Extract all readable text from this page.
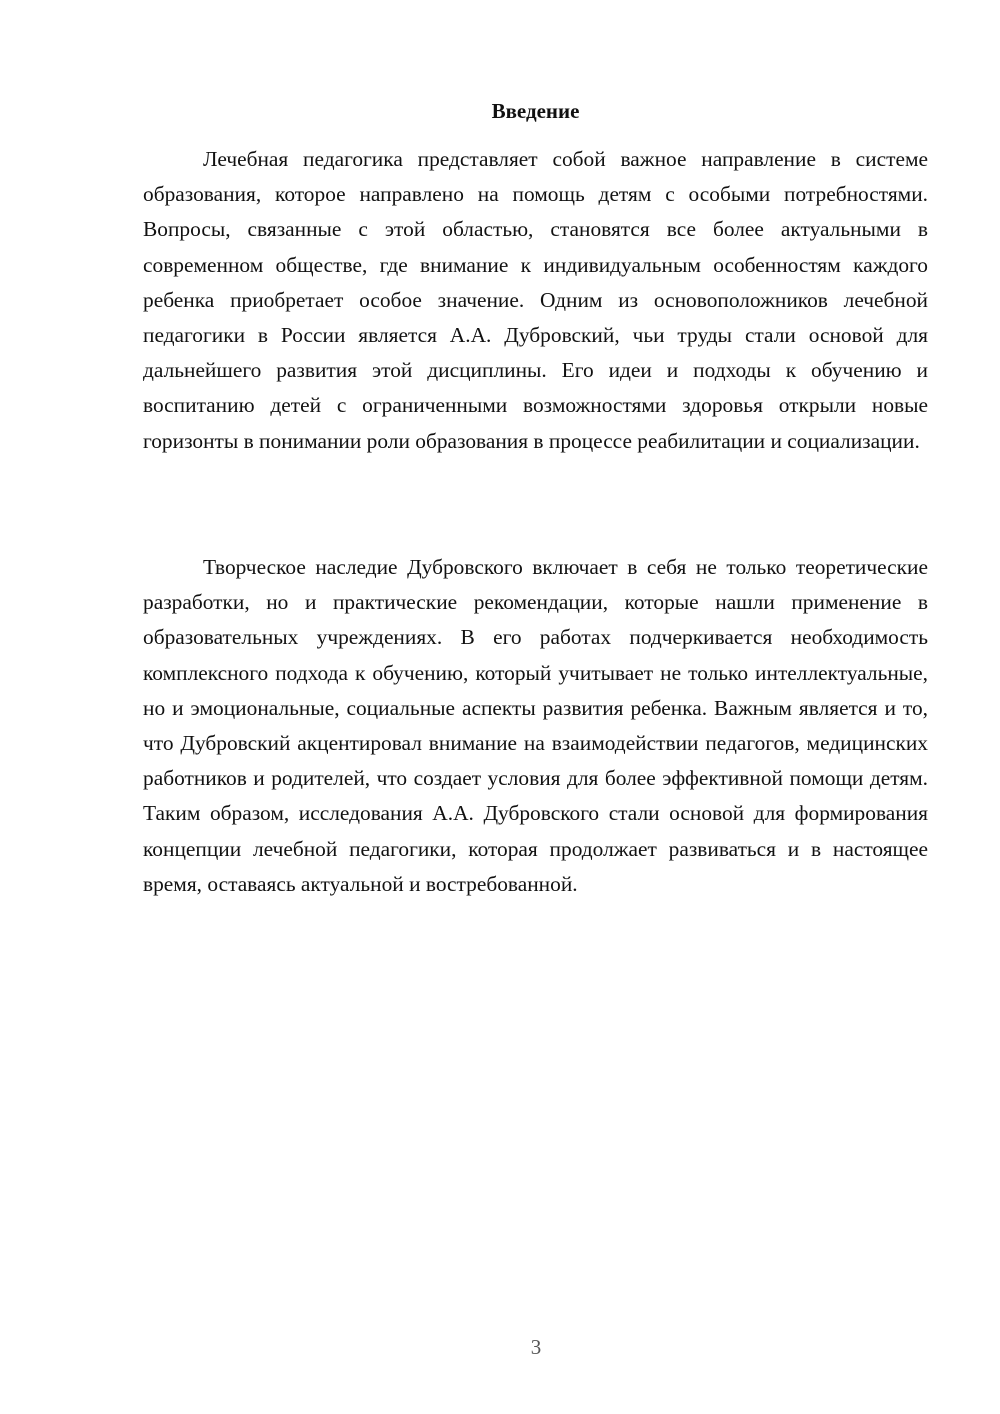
Введение

Лечебная педагогика представляет собой важное направление в системе образования, которое направлено на помощь детям с особыми потребностями. Вопросы, связанные с этой областью, становятся все более актуальными в современном обществе, где внимание к индивидуальным особенностям каждого ребенка приобретает особое значение. Одним из основоположников лечебной педагогики в России является А.А. Дубровский, чьи труды стали основой для дальнейшего развития этой дисциплины. Его идеи и подходы к обучению и воспитанию детей с ограниченными возможностями здоровья открыли новые горизонты в понимании роли образования в процессе реабилитации и социализации.

Творческое наследие Дубровского включает в себя не только теоретические разработки, но и практические рекомендации, которые нашли применение в образовательных учреждениях. В его работах подчеркивается необходимость комплексного подхода к обучению, который учитывает не только интеллектуальные, но и эмоциональные, социальные аспекты развития ребенка. Важным является и то, что Дубровский акцентировал внимание на взаимодействии педагогов, медицинских работников и родителей, что создает условия для более эффективной помощи детям. Таким образом, исследования А.А. Дубровского стали основой для формирования концепции лечебной педагогики, которая продолжает развиваться и в настоящее время, оставаясь актуальной и востребованной.

3
